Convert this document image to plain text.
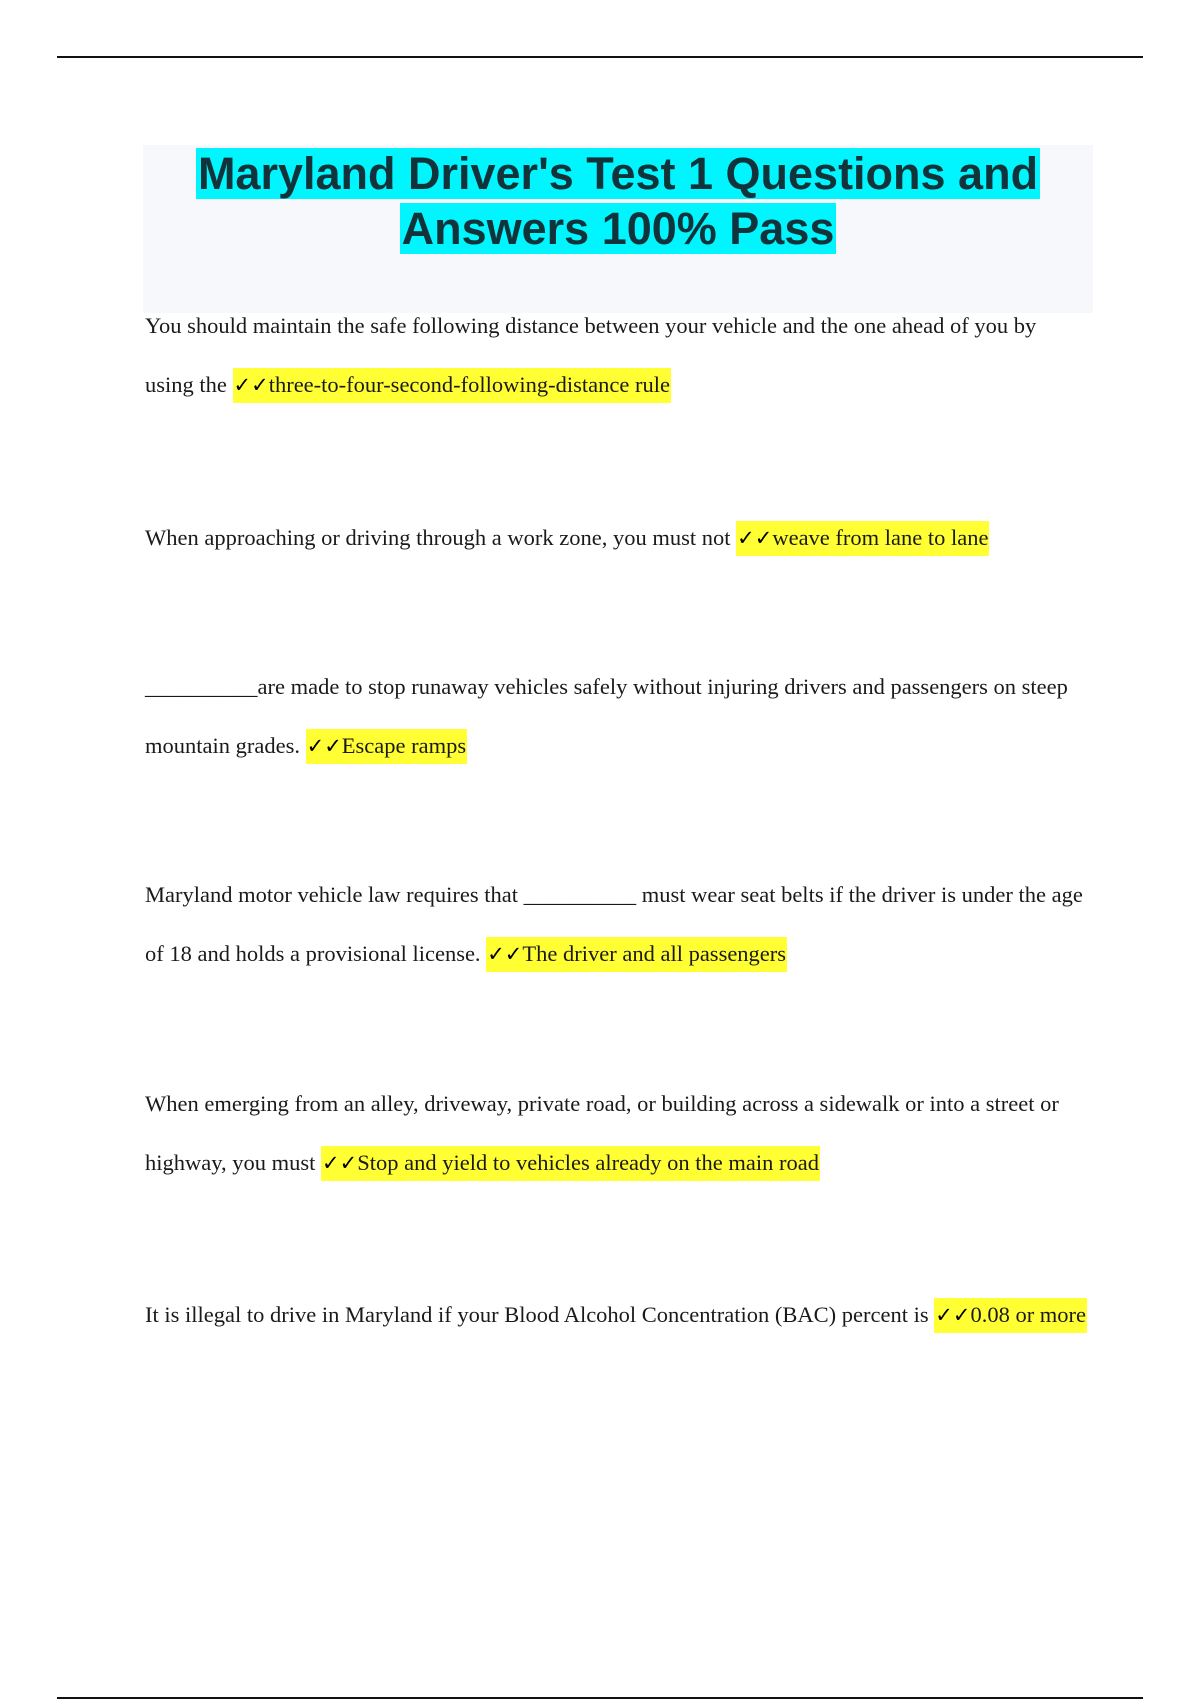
Maryland Driver's Test 1 Questions and
Answers 100% Pass

You should maintain the safe following distance between your vehicle and the one ahead of you by using the ✓✓three-to-four-second-following-distance rule

When approaching or driving through a work zone, you must not ✓✓weave from lane to lane

__________are made to stop runaway vehicles safely without injuring drivers and passengers on steep mountain grades. ✓✓Escape ramps

Maryland motor vehicle law requires that __________ must wear seat belts if the driver is under the age of 18 and holds a provisional license. ✓✓The driver and all passengers

When emerging from an alley, driveway, private road, or building across a sidewalk or into a street or highway, you must ✓✓Stop and yield to vehicles already on the main road

It is illegal to drive in Maryland if your Blood Alcohol Concentration (BAC) percent is ✓✓0.08 or more
